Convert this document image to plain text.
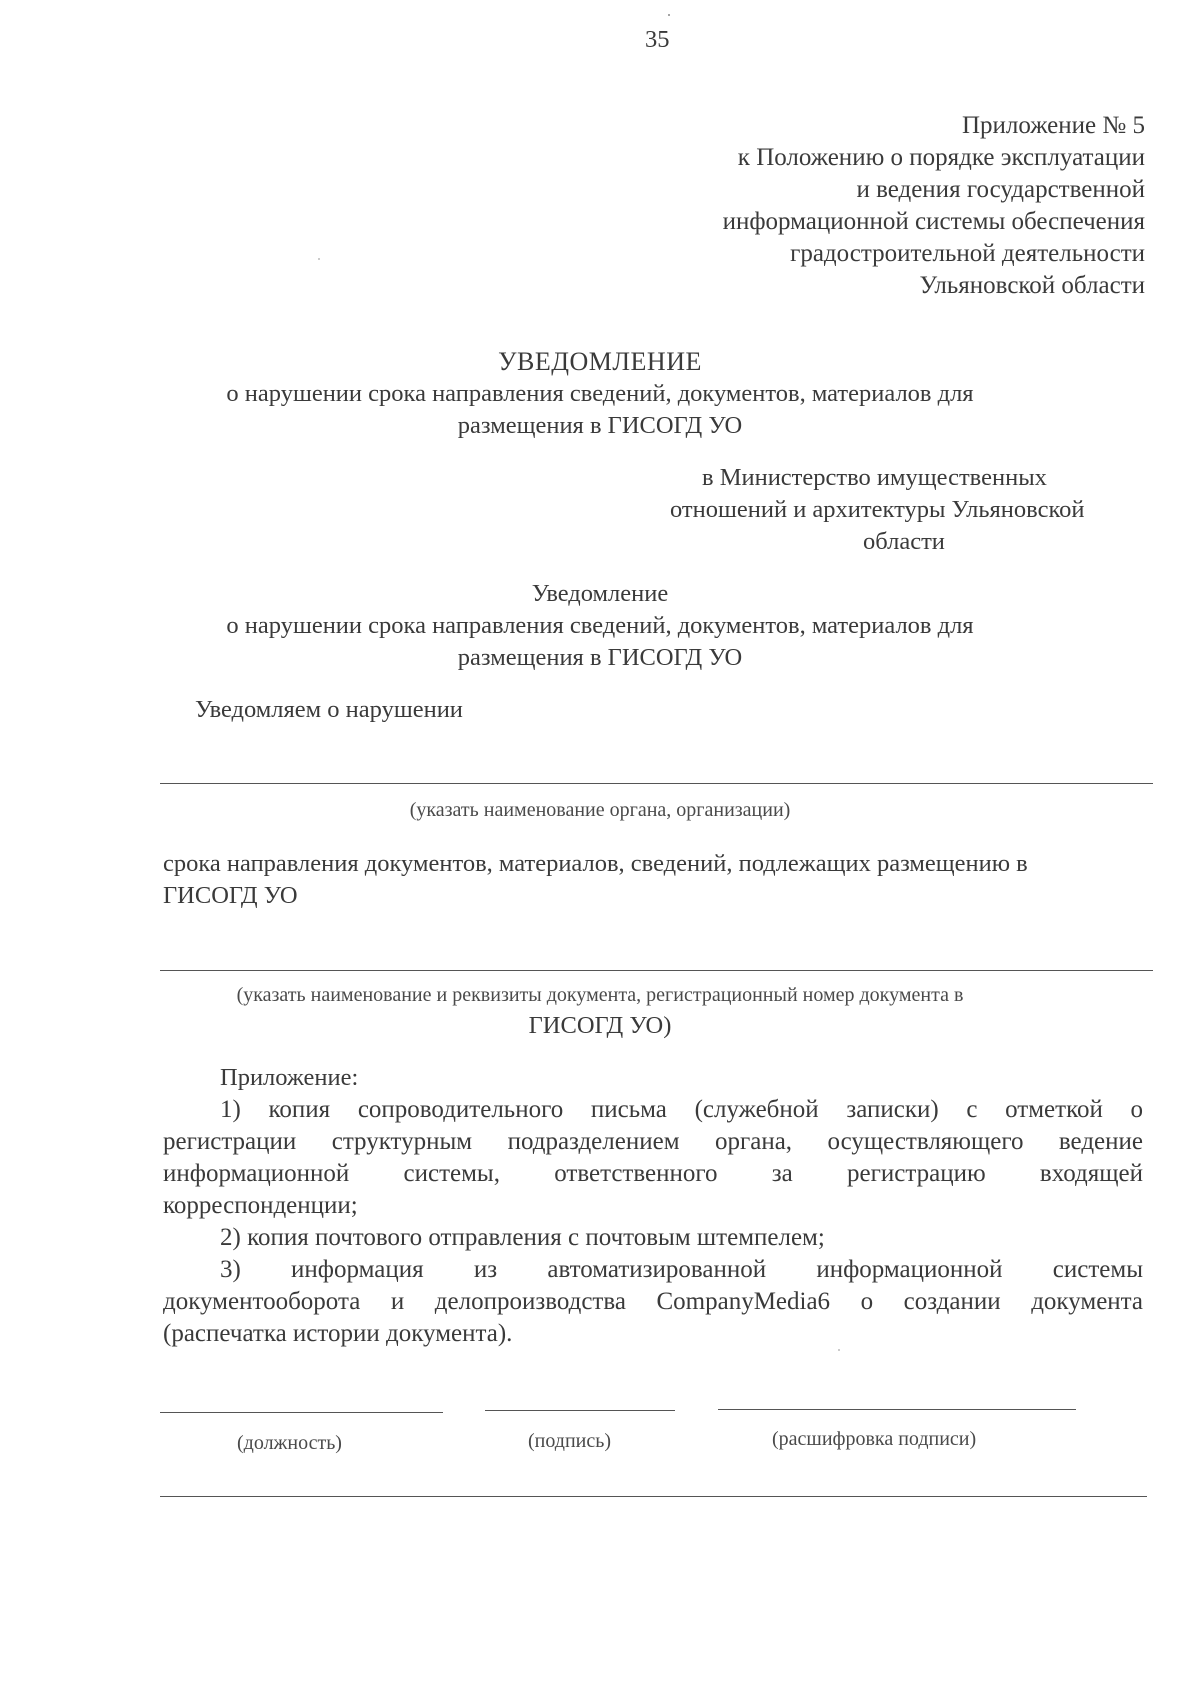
35
Приложение № 5
к Положению о порядке эксплуатации
и ведения государственной
информационной системы обеспечения
градостроительной деятельности
Ульяновской области
УВЕДОМЛЕНИЕ
о нарушении срока направления сведений, документов, материалов для
размещения в ГИСОГД УО
в Министерство имущественных
отношений и архитектуры Ульяновской
области
Уведомление
о нарушении срока направления сведений, документов, материалов для
размещения в ГИСОГД УО
Уведомляем о нарушении
(указать наименование органа, организации)
срока направления документов, материалов, сведений, подлежащих размещению в
ГИСОГД УО
(указать наименование и реквизиты документа, регистрационный номер документа в
ГИСОГД УО)
Приложение:
1) копия сопроводительного письма (служебной записки) с отметкой о
регистрации структурным подразделением органа, осуществляющего ведение
информационной системы, ответственного за регистрацию входящей
корреспонденции;
2) копия почтового отправления с почтовым штемпелем;
3) информация из автоматизированной информационной системы
документооборота и делопроизводства CompanyMedia6 о создании документа
(распечатка истории документа).
(должность)	(подпись)	(расшифровка подписи)
